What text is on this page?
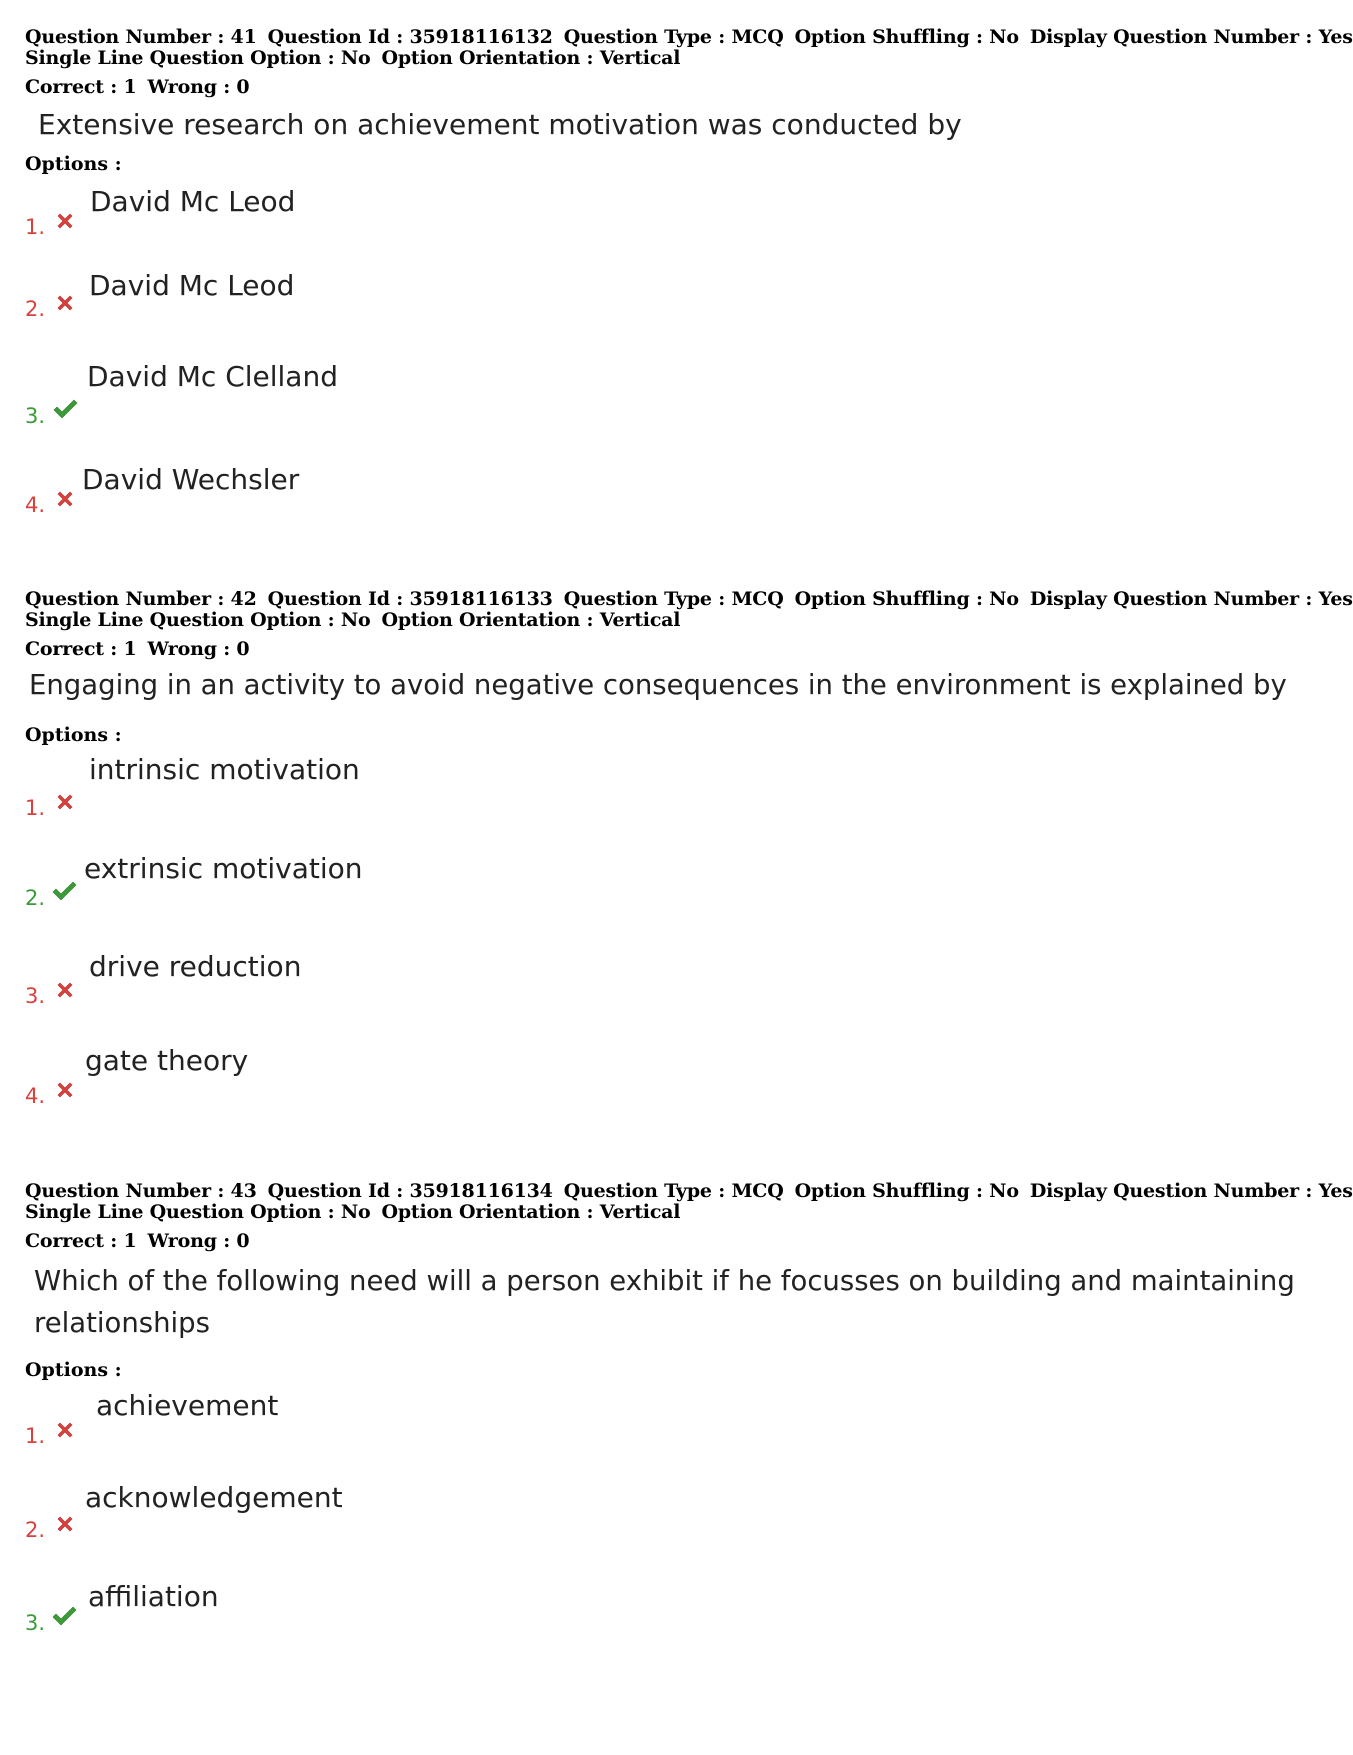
Question Number : 41 Question Id : 35918116132 Question Type : MCQ Option Shuffling : No Display Question Number : Yes
Single Line Question Option : No Option Orientation : Vertical
Correct : 1 Wrong : 0
Extensive research on achievement motivation was conducted by
Options :
1.
David Mc Leod
2.
David Mc Leod
3.
David Mc Clelland
4.
David Wechsler
Question Number : 42 Question Id : 35918116133 Question Type : MCQ Option Shuffling : No Display Question Number : Yes
Single Line Question Option : No Option Orientation : Vertical
Correct : 1 Wrong : 0
Engaging in an activity to avoid negative consequences in the environment is explained by
Options :
1.
intrinsic motivation
2.
extrinsic motivation
3.
drive reduction
4.
gate theory
Question Number : 43 Question Id : 35918116134 Question Type : MCQ Option Shuffling : No Display Question Number : Yes
Single Line Question Option : No Option Orientation : Vertical
Correct : 1 Wrong : 0
Which of the following need will a person exhibit if he focusses on building and maintaining
relationships
Options :
1.
achievement
2.
acknowledgement
3.
affiliation
